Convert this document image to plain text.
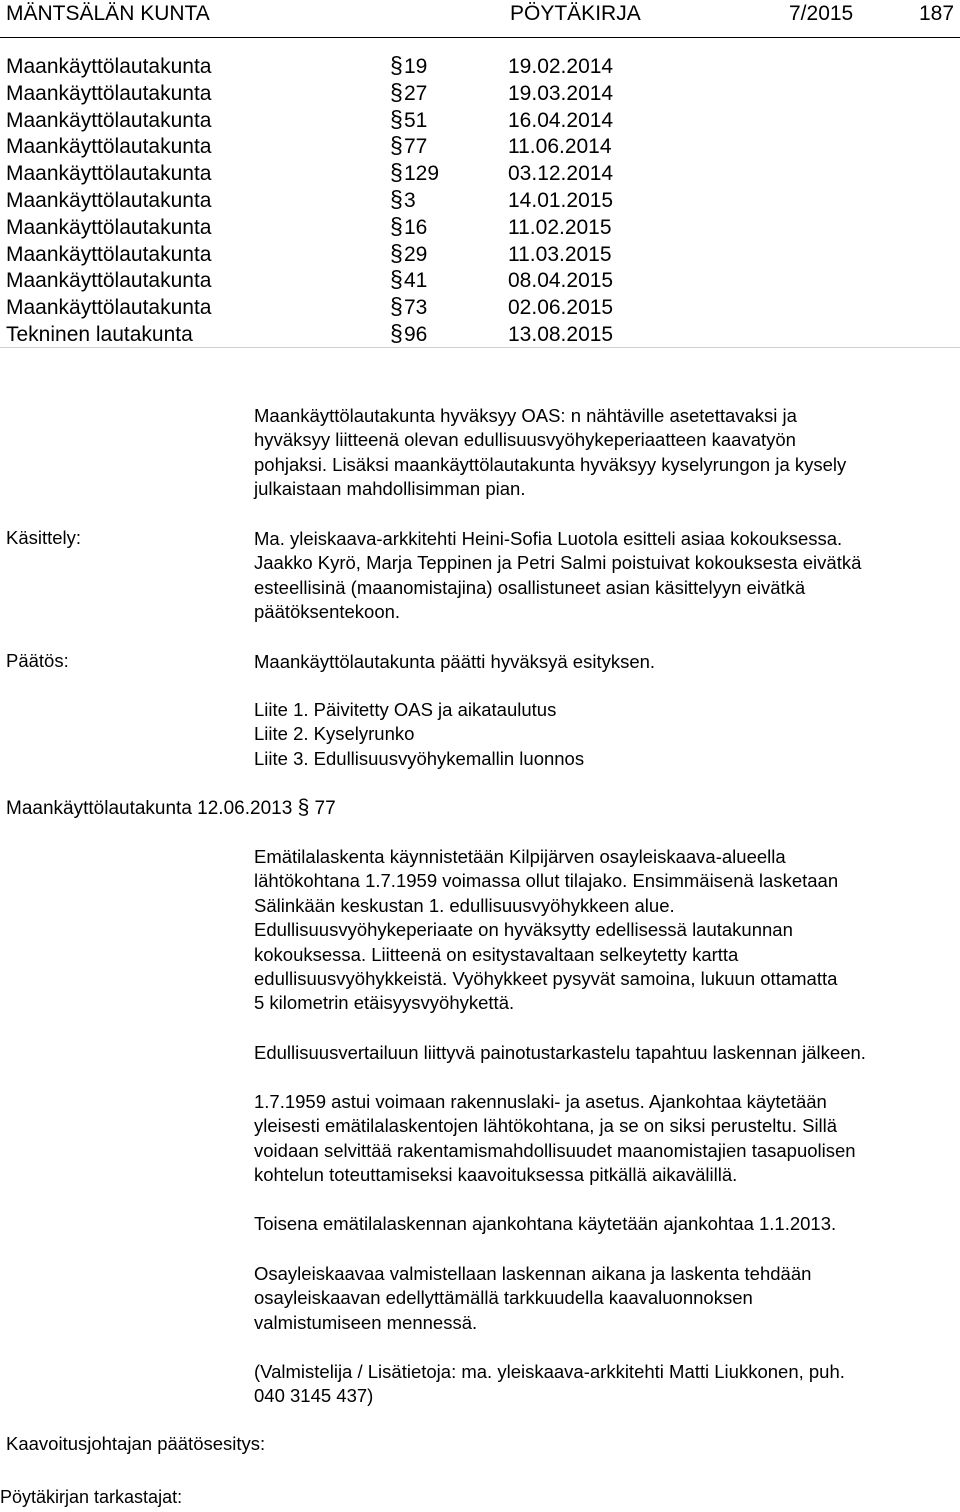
MÄNTSÄLÄN KUNTA	PÖYTÄKIRJA	7/2015	187
Maankäyttölautakunta	§ 19	19.02.2014
Maankäyttölautakunta	§ 27	19.03.2014
Maankäyttölautakunta	§ 51	16.04.2014
Maankäyttölautakunta	§ 77	11.06.2014
Maankäyttölautakunta	§ 129	03.12.2014
Maankäyttölautakunta	§ 3	14.01.2015
Maankäyttölautakunta	§ 16	11.02.2015
Maankäyttölautakunta	§ 29	11.03.2015
Maankäyttölautakunta	§ 41	08.04.2015
Maankäyttölautakunta	§ 73	02.06.2015
Tekninen lautakunta	§ 96	13.08.2015

Maankäyttölautakunta hyväksyy OAS: n nähtäville asetettavaksi ja

hyväksyy liitteenä olevan edullisuusvyöhykeperiaatteen kaavatyön

pohjaksi. Lisäksi maankäyttölautakunta hyväksyy kyselyrungon ja kysely

julkaistaan mahdollisimman pian.

Käsittely:	Ma. yleiskaava-arkkitehti Heini-Sofia Luotola esitteli asiaa kokouksessa.

Jaakko Kyrö, Marja Teppinen ja Petri Salmi poistuivat kokouksesta eivätkä

esteellisinä (maanomistajina) osallistuneet asian käsittelyyn eivätkä

päätöksentekoon.

Päätös:	Maankäyttölautakunta päätti hyväksyä esityksen.

Liite 1. Päivitetty OAS ja aikataulutus

Liite 2. Kyselyrunko

Liite 3. Edullisuusvyöhykemallin luonnos

Maankäyttölautakunta 12.06.2013 § 77

Emätilalaskenta käynnistetään Kilpijärven osayleiskaava-alueella

lähtökohtana 1.7.1959 voimassa ollut tilajako. Ensimmäisenä lasketaan

Sälinkään keskustan 1. edullisuusvyöhykkeen alue.

Edullisuusvyöhykeperiaate on hyväksytty edellisessä lautakunnan

kokouksessa. Liitteenä on esitystavaltaan selkeytetty kartta

edullisuusvyöhykkeistä. Vyöhykkeet pysyvät samoina, lukuun ottamatta

5 kilometrin etäisyysvyöhykettä.

Edullisuusvertailuun liittyvä painotustarkastelu tapahtuu laskennan jälkeen.

1.7.1959 astui voimaan rakennuslaki- ja asetus. Ajankohtaa käytetään

yleisesti emätilalaskentojen lähtökohtana, ja se on siksi perusteltu. Sillä

voidaan selvittää rakentamismahdollisuudet maanomistajien tasapuolisen

kohtelun toteuttamiseksi kaavoituksessa pitkällä aikavälillä.

Toisena emätilalaskennan ajankohtana käytetään ajankohtaa 1.1.2013.

Osayleiskaavaa valmistellaan laskennan aikana ja laskenta tehdään

osayleiskaavan edellyttämällä tarkkuudella kaavaluonnoksen

valmistumiseen mennessä.

(Valmistelija / Lisätietoja: ma. yleiskaava-arkkitehti Matti Liukkonen, puh.

040 3145 437)

Kaavoitusjohtajan päätösesitys:
Pöytäkirjan tarkastajat:
